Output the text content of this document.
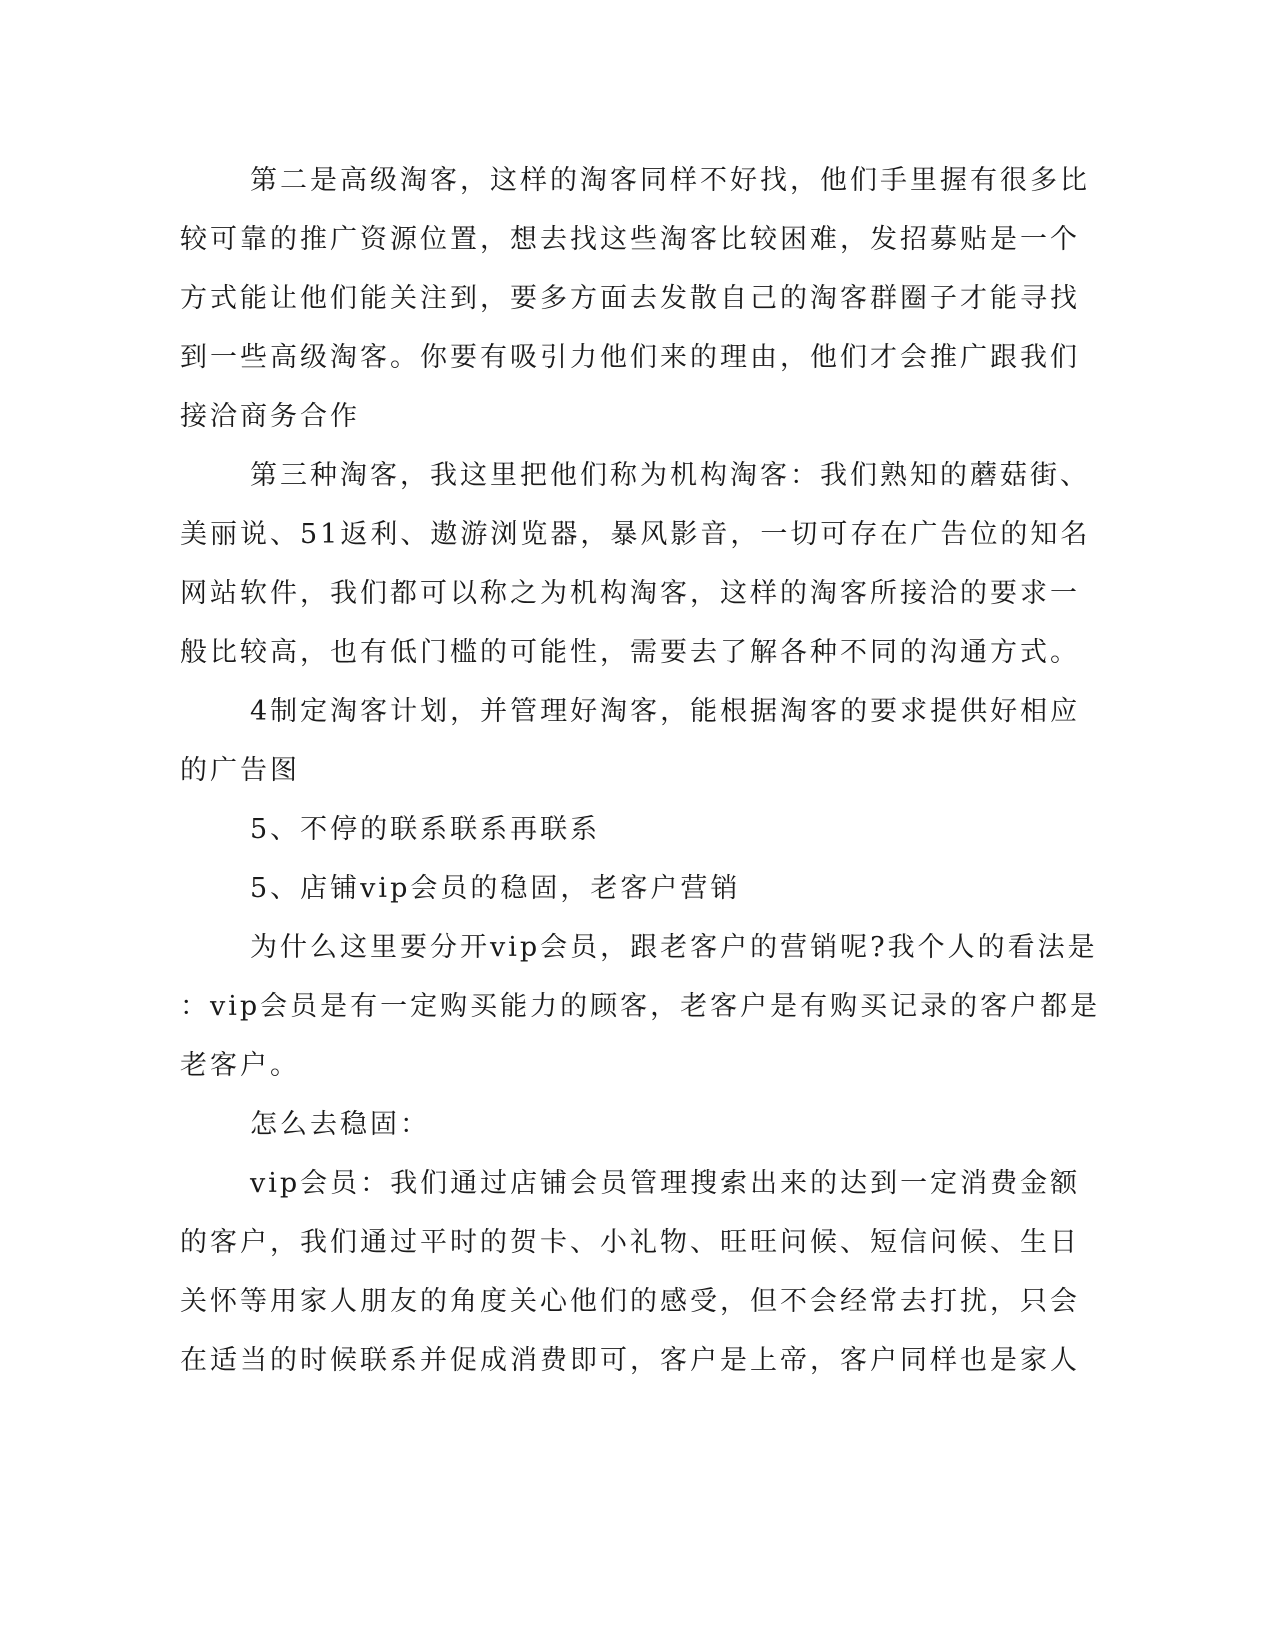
第二是高级淘客，这样的淘客同样不好找，他们手里握有很多比

较可靠的推广资源位置，想去找这些淘客比较困难，发招募贴是一个

方式能让他们能关注到，要多方面去发散自己的淘客群圈子才能寻找

到一些高级淘客。你要有吸引力他们来的理由，他们才会推广跟我们

接洽商务合作

第三种淘客，我这里把他们称为机构淘客：我们熟知的蘑菇街、

美丽说、51返利、遨游浏览器，暴风影音，一切可存在广告位的知名

网站软件，我们都可以称之为机构淘客，这样的淘客所接洽的要求一

般比较高，也有低门槛的可能性，需要去了解各种不同的沟通方式。

4制定淘客计划，并管理好淘客，能根据淘客的要求提供好相应

的广告图

5、不停的联系联系再联系

5、店铺vip会员的稳固，老客户营销

为什么这里要分开vip会员，跟老客户的营销呢?我个人的看法是

：vip会员是有一定购买能力的顾客，老客户是有购买记录的客户都是

老客户。

怎么去稳固：

vip会员：我们通过店铺会员管理搜索出来的达到一定消费金额

的客户，我们通过平时的贺卡、小礼物、旺旺问候、短信问候、生日

关怀等用家人朋友的角度关心他们的感受，但不会经常去打扰，只会

在适当的时候联系并促成消费即可，客户是上帝，客户同样也是家人
